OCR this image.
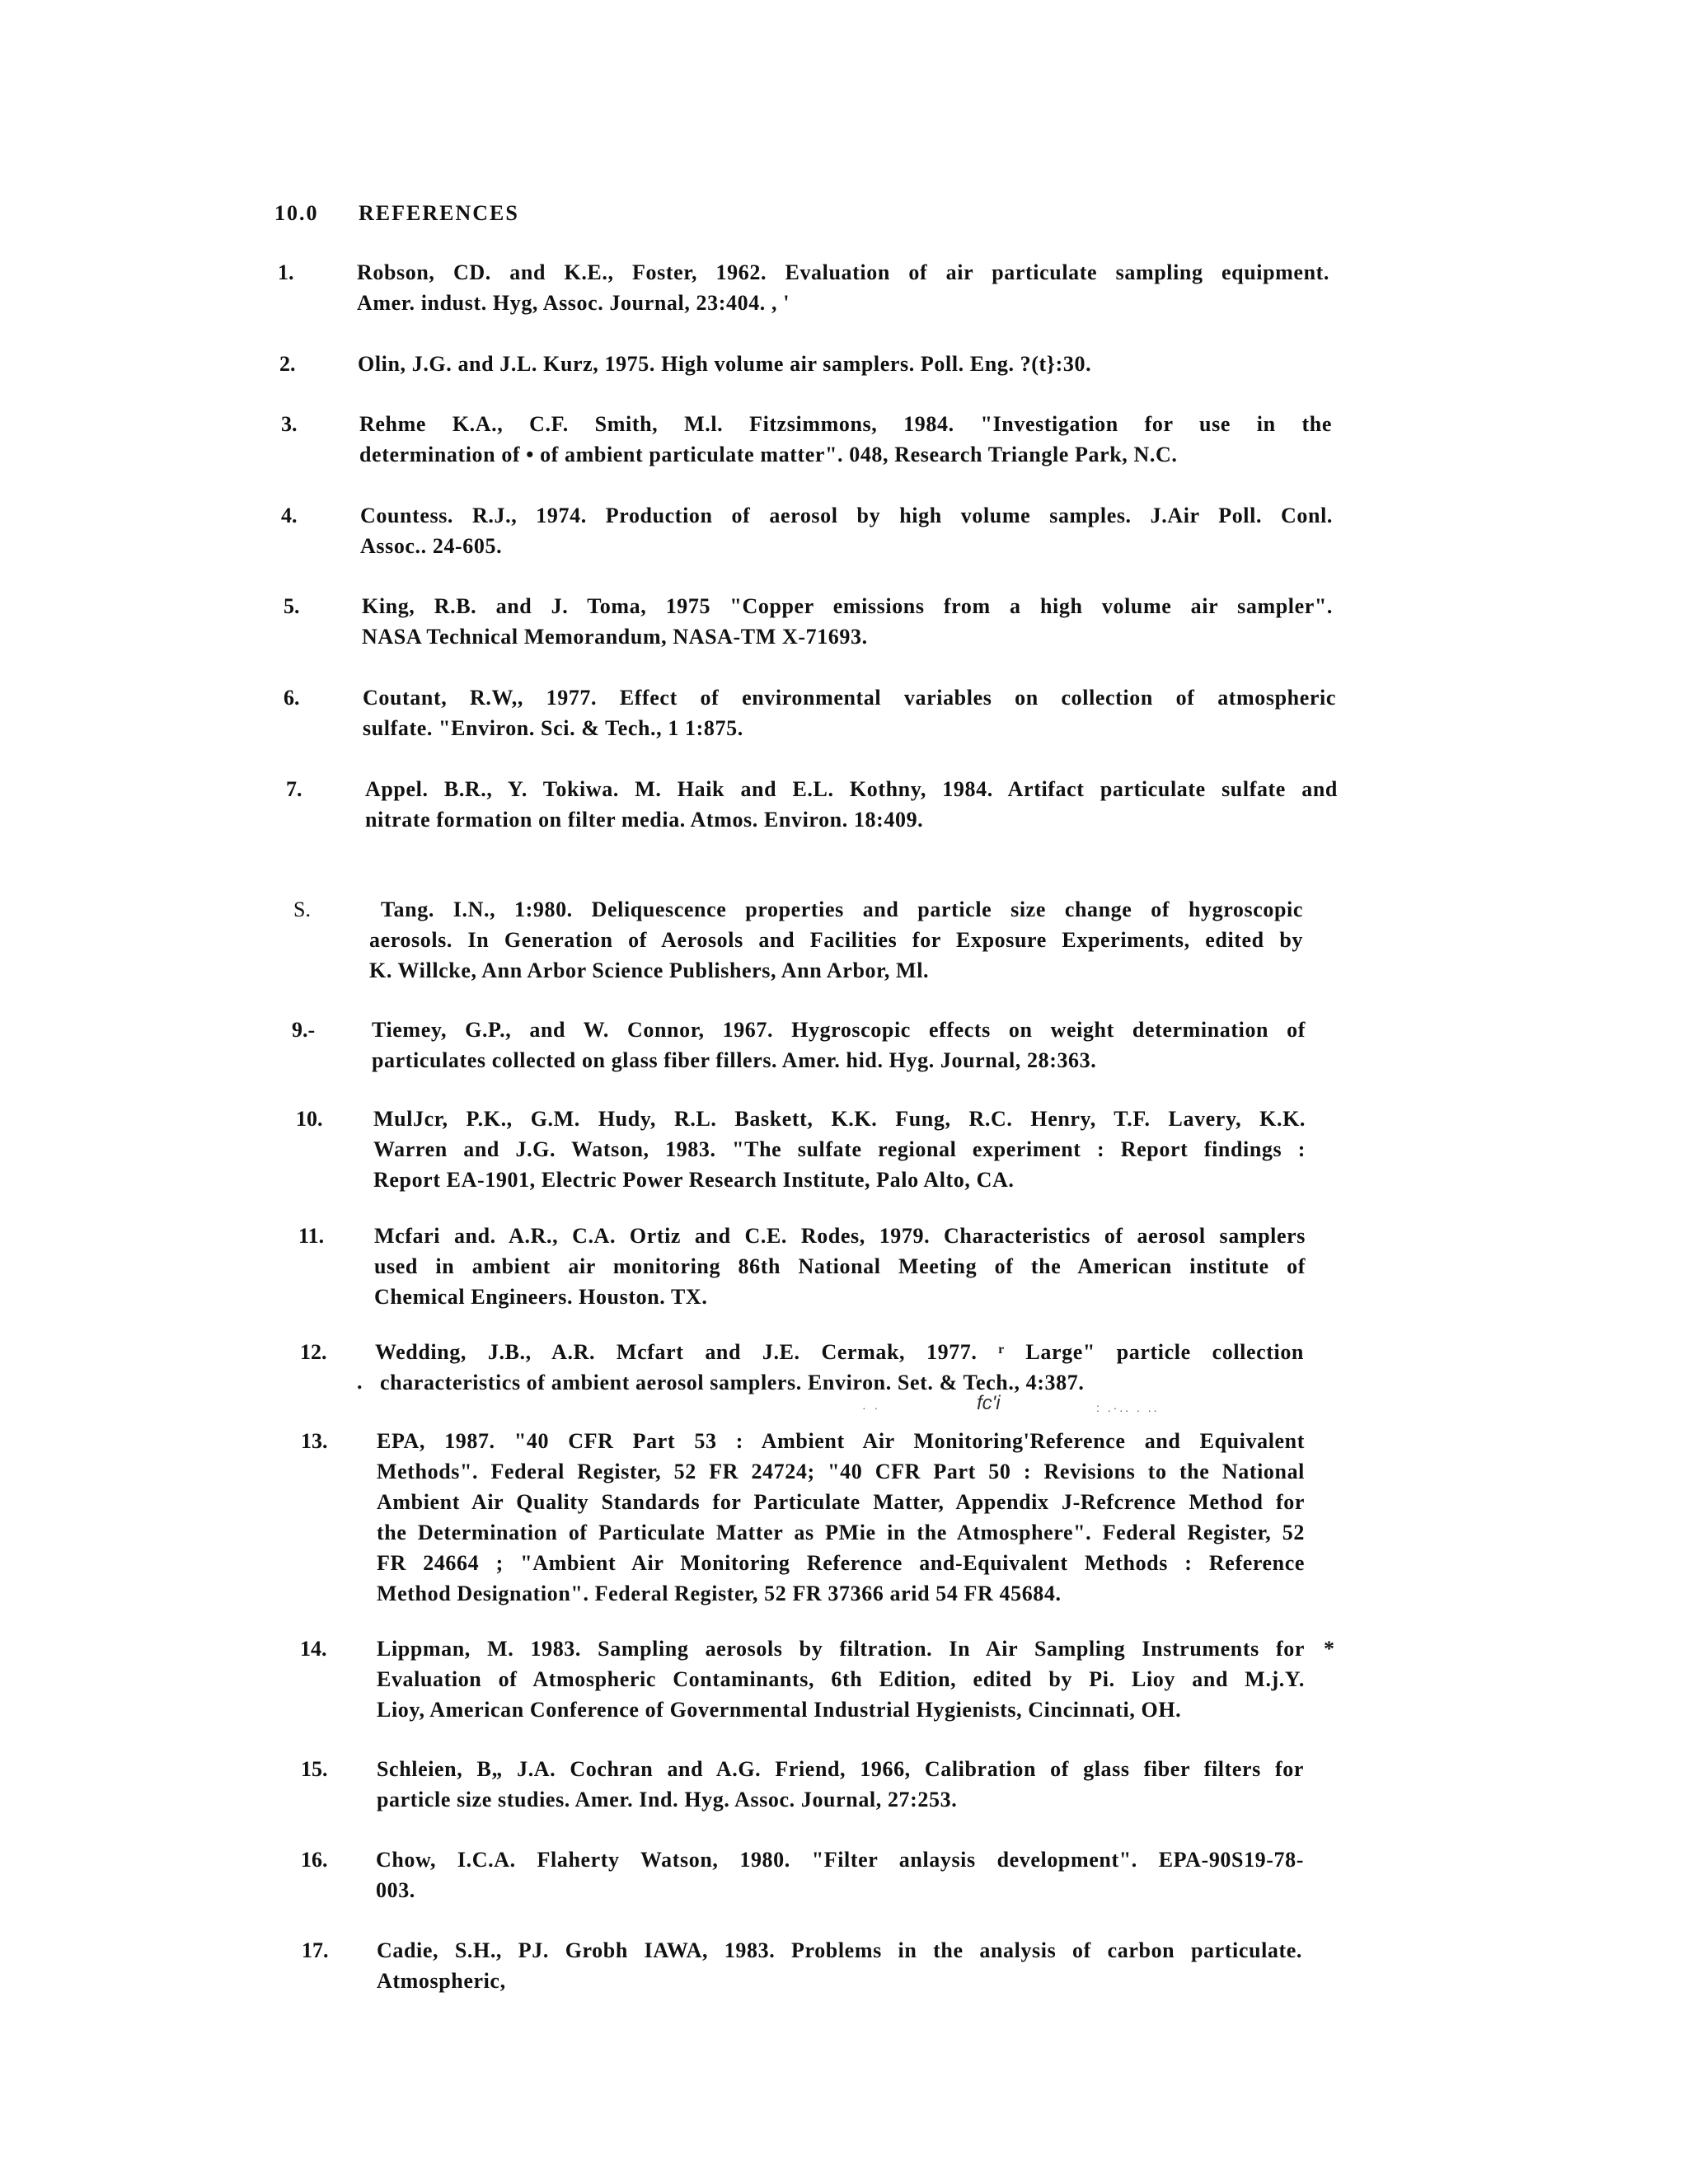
10.0 REFERENCES
1.	Robson, CD. and K.E., Foster, 1962. Evaluation of air particulate sampling equipment.
Amer. indust. Hyg, Assoc. Journal, 23:404. , '
2.	Olin, J.G. and J.L. Kurz, 1975. High volume air samplers. Poll. Eng. ?(t}:30.
3.	Rehme K.A., C.F. Smith, M.l. Fitzsimmons, 1984. "Investigation for use in the
determination of • of ambient particulate matter". 048, Research Triangle Park, N.C.
4.	Countess. R.J., 1974. Production of aerosol by high volume samples. J.Air Poll. Conl.
Assoc.. 24-605.
5.	King, R.B. and J. Toma, 1975 "Copper emissions from a high volume air sampler".
NASA Technical Memorandum, NASA-TM X-71693.
6.	Coutant, R.W,, 1977. Effect of environmental variables on collection of atmospheric
sulfate. "Environ. Sci. & Tech., 1 1:875.
7.	Appel. B.R., Y. Tokiwa. M. Haik and E.L. Kothny, 1984. Artifact particulate sulfate and
nitrate formation on filter media. Atmos. Environ. 18:409.
S.	Tang. I.N., 1:980. Deliquescence properties and particle size change of hygroscopic
aerosols. In Generation of Aerosols and Facilities for Exposure Experiments, edited by
K. Willcke, Ann Arbor Science Publishers, Ann Arbor, Ml.
9.-	Tiemey, G.P., and W. Connor, 1967. Hygroscopic effects on weight determination of
particulates collected on glass fiber fillers. Amer. hid. Hyg. Journal, 28:363.
10. MulJcr, P.K., G.M. Hudy, R.L. Baskett, K.K. Fung, R.C. Henry, T.F. Lavery, K.K.
Warren and J.G. Watson, 1983. "The sulfate regional experiment : Report findings :
Report EA-1901, Electric Power Research Institute, Palo Alto, CA.
11. Mcfari and. A.R., C.A. Ortiz and C.E. Rodes, 1979. Characteristics of aerosol samplers
used in ambient air monitoring 86th National Meeting of the American institute of
Chemical Engineers. Houston. TX.
12. Wedding, J.B., A.R. Mcfart and J.E. Cermak, 1977. ʳ Large" particle collection
characteristics of ambient aerosol samplers. Environ. Set. & Tech., 4:387.
.
fc'i
· ·	: .·.. . ..
13. EPA, 1987. "40 CFR Part 53 : Ambient Air Monitoring'Reference and Equivalent
Methods". Federal Register, 52 FR 24724; "40 CFR Part 50 : Revisions to the National
Ambient Air Quality Standards for Particulate Matter, Appendix J-Refcrence Method for
the Determination of Particulate Matter as PMie in the Atmosphere". Federal Register, 52
FR 24664 ; "Ambient Air Monitoring Reference and-Equivalent Methods : Reference
Method Designation". Federal Register, 52 FR 37366 arid 54 FR 45684.
14. Lippman, M. 1983. Sampling aerosols by filtration. In Air Sampling Instruments for
Evaluation of Atmospheric Contaminants, 6th Edition, edited by Pi. Lioy and M.j.Y.
Lioy, American Conference of Governmental Industrial Hygienists, Cincinnati, OH.
*
15. Schleien, B„ J.A. Cochran and A.G. Friend, 1966, Calibration of glass fiber filters for
particle size studies. Amer. Ind. Hyg. Assoc. Journal, 27:253.
16. Chow, I.C.A. Flaherty Watson, 1980. "Filter anlaysis development". EPA-90S19-78-
003.
17. Cadie, S.H., PJ. Grobh IAWA, 1983. Problems in the analysis of carbon particulate.
Atmospheric,
